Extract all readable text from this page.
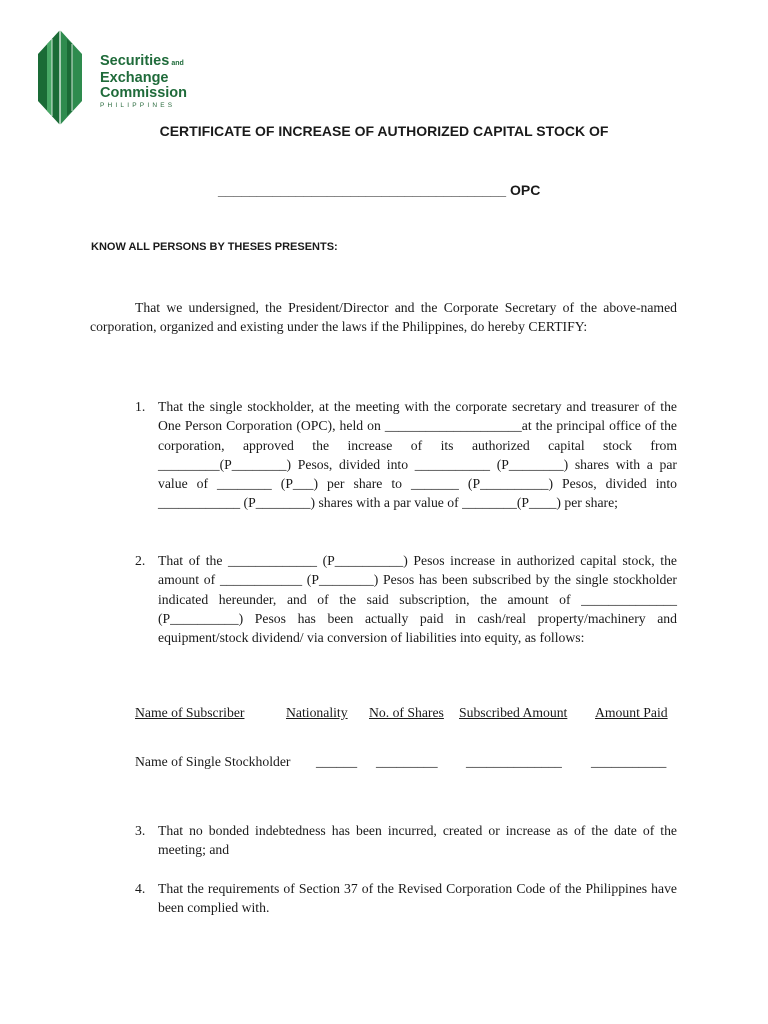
Securities and
Exchange
Commission
PHILIPPINES
CERTIFICATE OF INCREASE OF AUTHORIZED CAPITAL STOCK OF
_____________________________________ OPC
KNOW ALL PERSONS BY THESES PRESENTS:
That we undersigned, the President/Director and the Corporate Secretary of the above-named corporation, organized and existing under the laws if the Philippines, do hereby CERTIFY:
1. That the single stockholder, at the meeting with the corporate secretary and treasurer of the One Person Corporation (OPC), held on ____________________at the principal office of the corporation, approved the increase of its authorized capital stock from _________(P________) Pesos, divided into ___________ (P________) shares with a par value of ________ (P___) per share to _______ (P__________) Pesos, divided into ____________ (P________) shares with a par value of ________(P____) per share;
2. That of the _____________ (P__________) Pesos increase in authorized capital stock, the amount of ____________ (P________) Pesos has been subscribed by the single stockholder indicated hereunder, and of the said subscription, the amount of ______________ (P__________) Pesos has been actually paid in cash/real property/machinery and equipment/stock dividend/ via conversion of liabilities into equity, as follows:
Name of Subscriber	Nationality No. of Shares Subscribed Amount Amount Paid
Name of Single Stockholder ______ _________ ______________ ___________
3. That no bonded indebtedness has been incurred, created or increase as of the date of the meeting; and
4. That the requirements of Section 37 of the Revised Corporation Code of the Philippines have been complied with.
